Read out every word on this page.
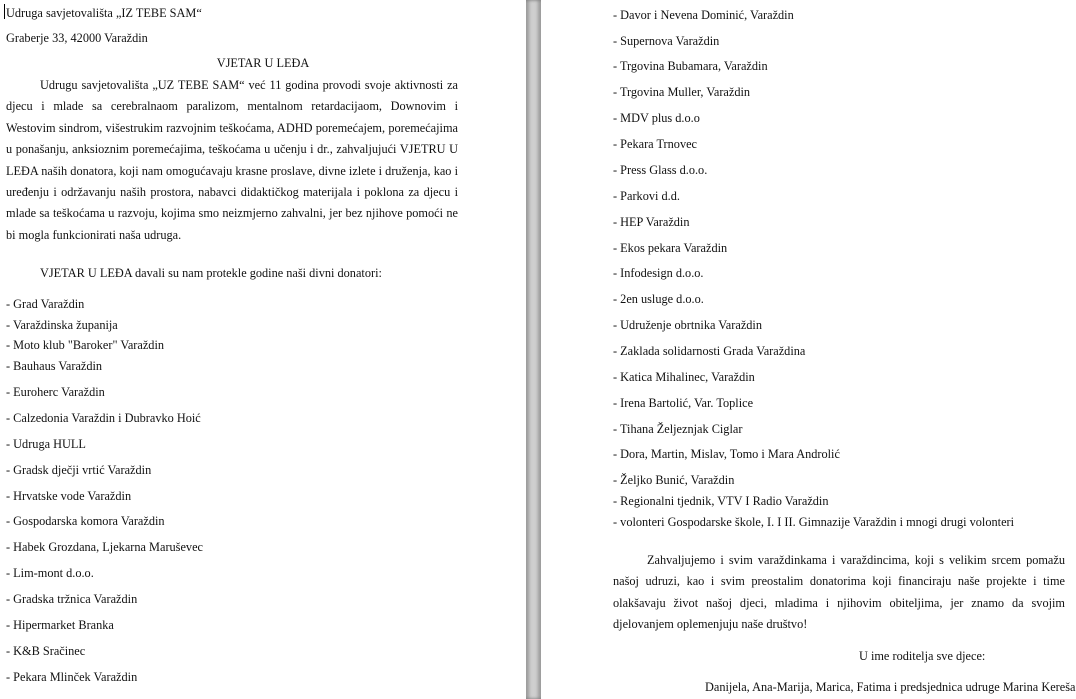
Udruga savjetovališta „IZ TEBE SAM“
Graberje 33, 42000 Varaždin
VJETAR U LEĐA
Udrugu savjetovališta „UZ TEBE SAM“ već 11 godina provodi svoje aktivnosti za djecu i mlade sa cerebralnaom paralizom, mentalnom retardacijaom, Downovim i Westovim sindrom, višestrukim razvojnim teškoćama, ADHD poremećajem, poremećajima u ponašanju, anksioznim poremećajima, teškoćama u učenju i dr., zahvaljujući VJETRU U LEĐA naših donatora, koji nam omogućavaju krasne proslave, divne izlete i druženja, kao i uređenju i održavanju naših prostora, nabavci didaktičkog materijala i poklona za djecu i mlade sa teškoćama u razvoju, kojima smo neizmjerno zahvalni, jer bez njihove pomoći ne bi mogla funkcionirati naša udruga.
VJETAR U LEĐA davali su nam protekle godine naši divni donatori:
- Grad Varaždin
- Varaždinska županija
- Moto klub "Baroker" Varaždin
- Bauhaus Varaždin
- Euroherc Varaždin
- Calzedonia Varaždin i Dubravko Hoić
- Udruga HULL
- Gradsk dječji vrtić Varaždin
- Hrvatske vode Varaždin
- Gospodarska komora Varaždin
- Habek Grozdana, Ljekarna Maruševec
- Lim-mont d.o.o.
- Gradska tržnica Varaždin
- Hipermarket Branka
- K&B Sračinec
- Pekara Mlinček Varaždin
- Davor i Nevena Dominić, Varaždin
- Supernova Varaždin
- Trgovina Bubamara, Varaždin
- Trgovina Muller, Varaždin
- MDV plus d.o.o
- Pekara Trnovec
- Press Glass d.o.o.
- Parkovi d.d.
- HEP Varaždin
- Ekos pekara Varaždin
- Infodesign d.o.o.
- 2en usluge d.o.o.
- Udruženje obrtnika Varaždin
- Zaklada solidarnosti Grada Varaždina
- Katica Mihalinec, Varaždin
- Irena Bartolić, Var. Toplice
- Tihana Željeznjak Ciglar
- Dora, Martin, Mislav, Tomo i Mara Androlić
- Željko Bunić, Varaždin
- Regionalni tjednik, VTV I Radio Varaždin
- volonteri Gospodarske škole, I. I II. Gimnazije Varaždin i mnogi drugi volonteri
Zahvaljujemo i svim varaždinkama i varaždincima, koji s velikim srcem pomažu našoj udruzi, kao i svim preostalim donatorima koji financiraju naše projekte i time olakšavaju život našoj djeci, mladima i njihovim obiteljima, jer znamo da svojim djelovanjem oplemenjuju naše društvo!
U ime roditelja sve djece:
Danijela, Ana-Marija, Marica, Fatima i predsjednica udruge Marina Kereša
